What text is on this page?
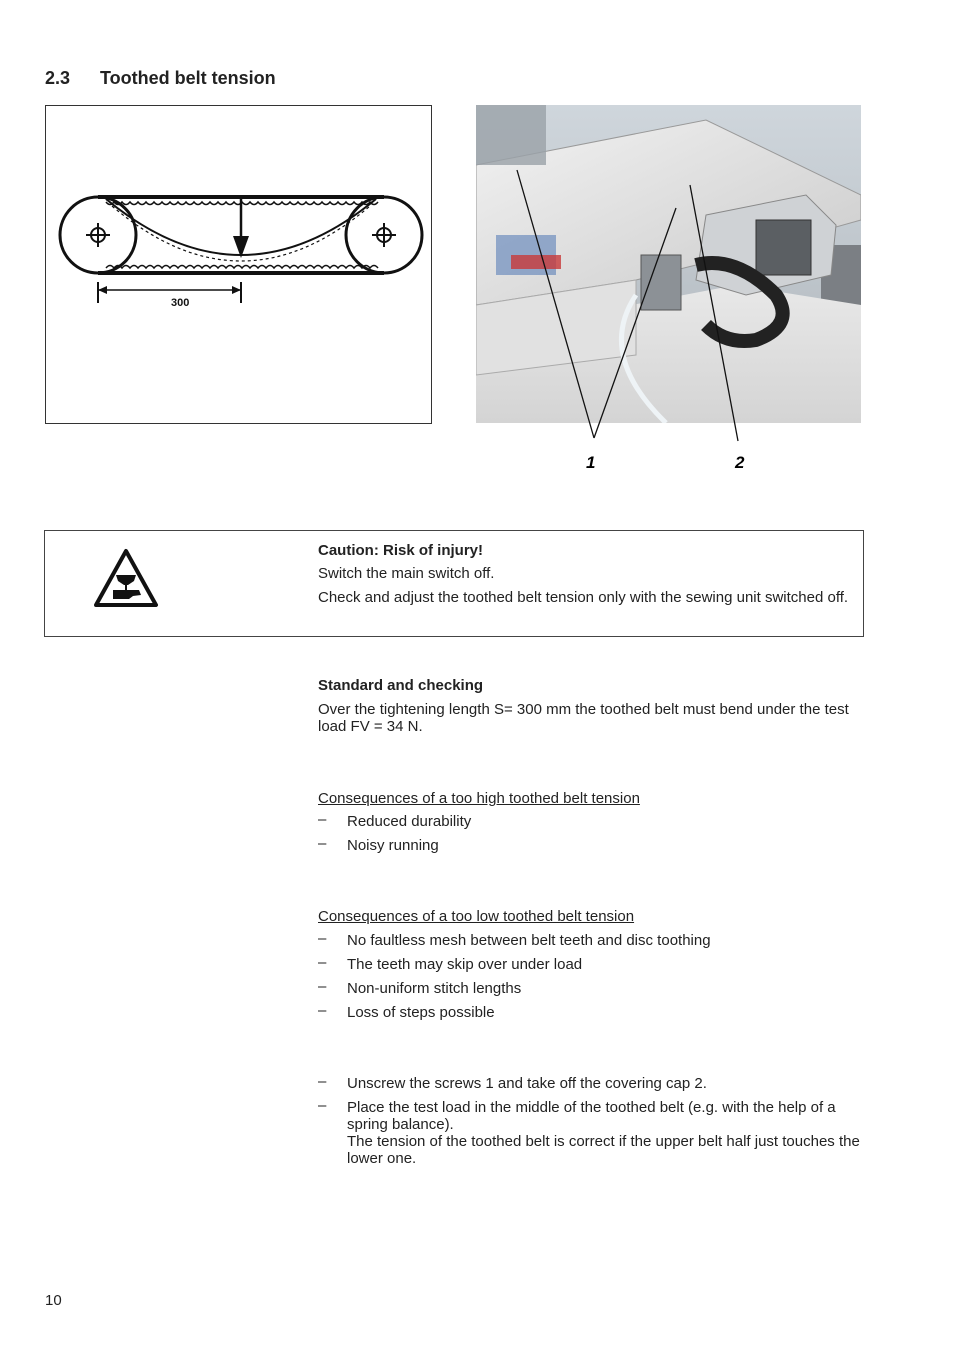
2.3 Toothed belt tension
300
1	2
Caution: Risk of injury!
Switch the main switch off.
Check and adjust the toothed belt tension only with the sewing unit switched off.
Standard and checking
Over the tightening length S= 300 mm the toothed belt must bend under the test load FV = 34 N.
Consequences of a too high toothed belt tension
– Reduced durability
– Noisy running
Consequences of a too low toothed belt tension
– No faultless mesh between belt teeth and disc toothing
– The teeth may skip over under load
– Non-uniform stitch lengths
– Loss of steps possible
– Unscrew the screws 1 and take off the covering cap 2.
– Place the test load in the middle of the toothed belt (e.g. with the help of a spring balance).
The tension of the toothed belt is correct if the upper belt half just touches the lower one.
10
